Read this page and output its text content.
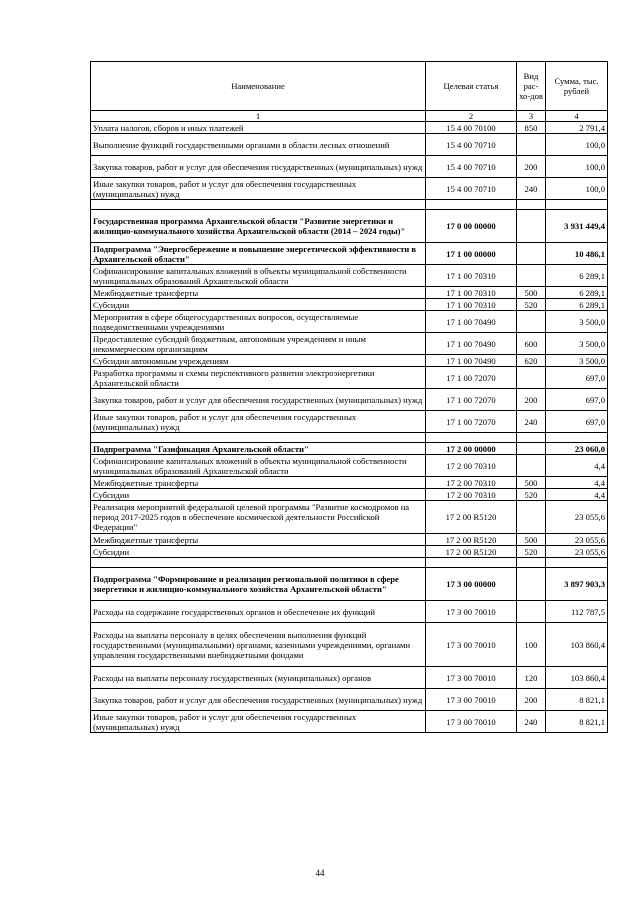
Наименование	Целевая статья	Вид рас-хо-дов	Сумма, тыс. рублей
1	2	3	4
Уплата налогов, сборов и иных платежей	15 4 00 70100	850	2 791,4
Выполнение функций государственными органами в области лесных отношений	15 4 00 70710		100,0
Закупка товаров, работ и услуг для обеспечения государственных (муниципальных) нужд	15 4 00 70710	200	100,0
Иные закупки товаров, работ и услуг для обеспечения государственных (муниципальных) нужд	15 4 00 70710	240	100,0

Государственная программа Архангельской области "Развитие энергетики и жилищно-коммунального хозяйства Архангельской области (2014 – 2024 годы)"	17 0 00 00000		3 931 449,4
Подпрограмма "Энергосбережение и повышение энергетической эффективности в Архангельской области"	17 1 00 00000		10 486,1
Софинансирование капитальных вложений в объекты муниципальной собственности муниципальных образований Архангельской области	17 1 00 70310		6 289,1
Межбюджетные трансферты	17 1 00 70310	500	6 289,1
Субсидии	17 1 00 70310	520	6 289,1
Мероприятия в сфере общегосударственных вопросов, осуществляемые подведомственными учреждениями	17 1 00 70490		3 500,0
Предоставление субсидий бюджетным, автономным учреждениям и иным некоммерческим организациям	17 1 00 70490	600	3 500,0
Субсидии автономным учреждениям	17 1 00 70490	620	3 500,0
Разработка программы и схемы перспективного развития электроэнергетики Архангельской области	17 1 00 72070		697,0
Закупка товаров, работ и услуг для обеспечения государственных (муниципальных) нужд	17 1 00 72070	200	697,0
Иные закупки товаров, работ и услуг для обеспечения государственных (муниципальных) нужд	17 1 00 72070	240	697,0

Подпрограмма "Газификация Архангельской области"	17 2 00 00000		23 060,0
Софинансирование капитальных вложений в объекты муниципальной собственности муниципальных образований Архангельской области	17 2 00 70310		4,4
Межбюджетные трансферты	17 2 00 70310	500	4,4
Субсидии	17 2 00 70310	520	4,4
Реализация мероприятий федеральной целевой программы "Развитие космодромов на период 2017-2025 годов в обеспечение космической деятельности Российской Федерации"	17 2 00 R5120		23 055,6
Межбюджетные трансферты	17 2 00 R5120	500	23 055,6
Субсидии	17 2 00 R5120	520	23 055,6

Подпрограмма "Формирование и реализация региональной политики в сфере энергетики и жилищно-коммунального хозяйства Архангельской области"	17 3 00 00000		3 897 903,3
Расходы на содержание государственных органов и обеспечение их функций	17 3 00 70010		112 787,5
Расходы на выплаты персоналу в целях обеспечения выполнения функций государственными (муниципальными) органами, казенными учреждениями, органами управления государственными внебюджетными фондами	17 3 00 70010	100	103 860,4
Расходы на выплаты персоналу государственных (муниципальных) органов	17 3 00 70010	120	103 860,4
Закупка товаров, работ и услуг для обеспечения государственных (муниципальных) нужд	17 3 00 70010	200	8 821,1
Иные закупки товаров, работ и услуг для обеспечения государственных (муниципальных) нужд	17 3 00 70010	240	8 821,1
44
